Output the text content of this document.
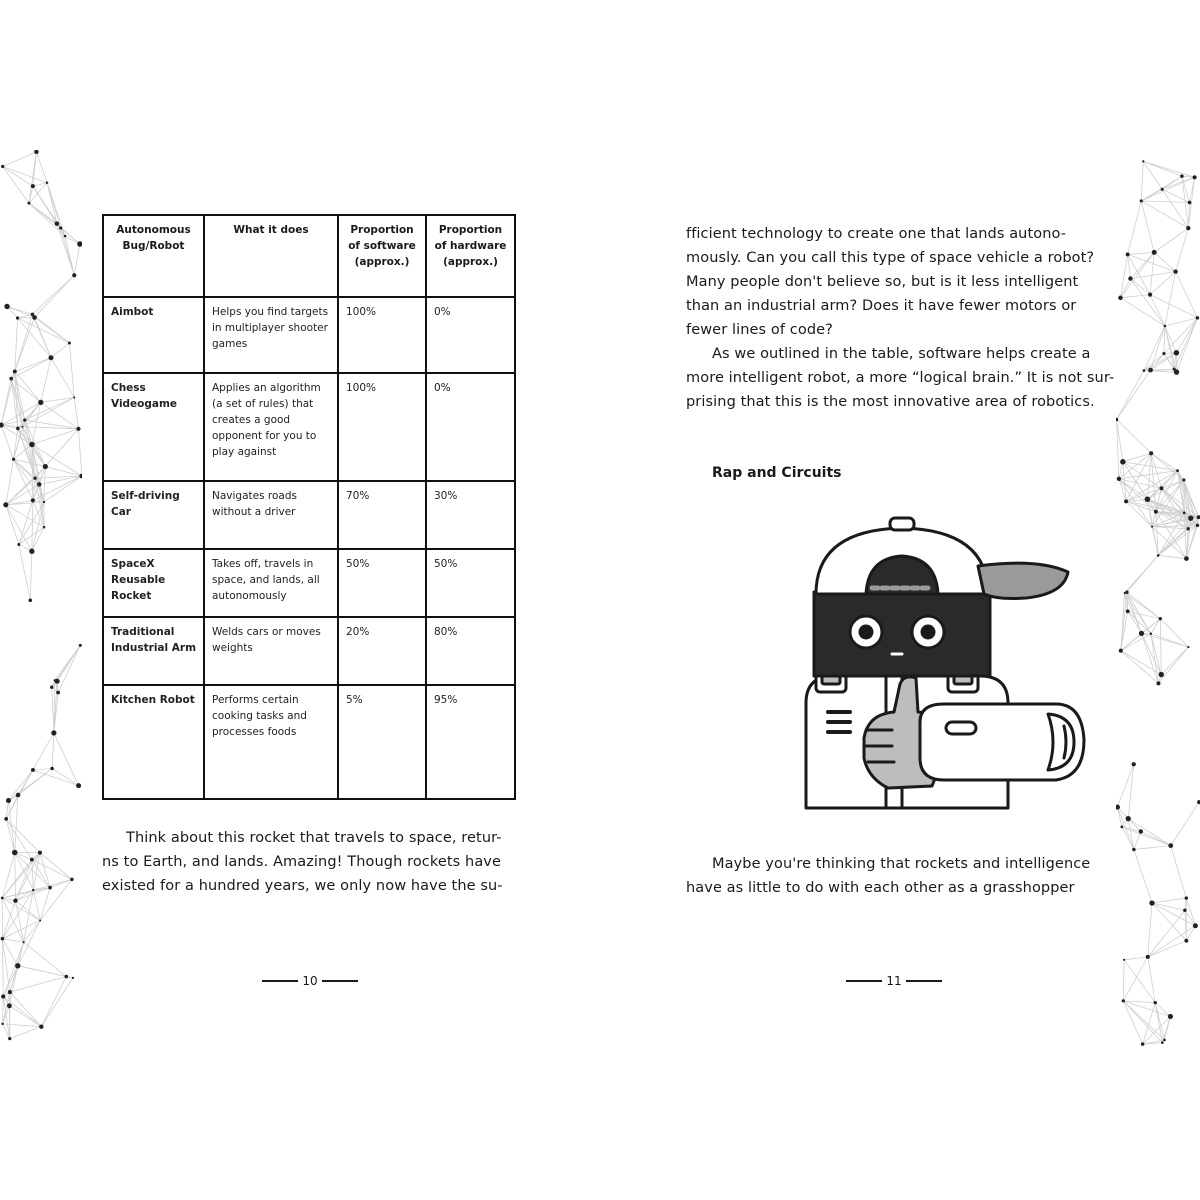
Autonomous Bug/Robot	What it does	Proportion of software (approx.)	Proportion of hardware (approx.)
Aimbot	Helps you find targets in multiplayer shooter games	100%	0%
Chess Videogame	Applies an algorithm (a set of rules) that creates a good opponent for you to play against	100%	0%
Self-driving Car	Navigates roads without a driver	70%	30%
SpaceX Reusable Rocket	Takes off, travels in space, and lands, all autonomously	50%	50%
Traditional Industrial Arm	Welds cars or moves weights	20%	80%
Kitchen Robot	Performs certain cooking tasks and processes foods	5%	95%

Think about this rocket that travels to space, retur-
ns to Earth, and lands. Amazing! Though rockets have
existed for a hundred years, we only now have the su-

10

fficient technology to create one that lands autono-
mously. Can you call this type of space vehicle a robot?
Many people don't believe so, but is it less intelligent
than an industrial arm? Does it have fewer motors or
fewer lines of code?
As we outlined in the table, software helps create a
more intelligent robot, a more “logical brain.” It is not sur-
prising that this is the most innovative area of robotics.

Rap and Circuits

Maybe you're thinking that rockets and intelligence
have as little to do with each other as a grasshopper

11
